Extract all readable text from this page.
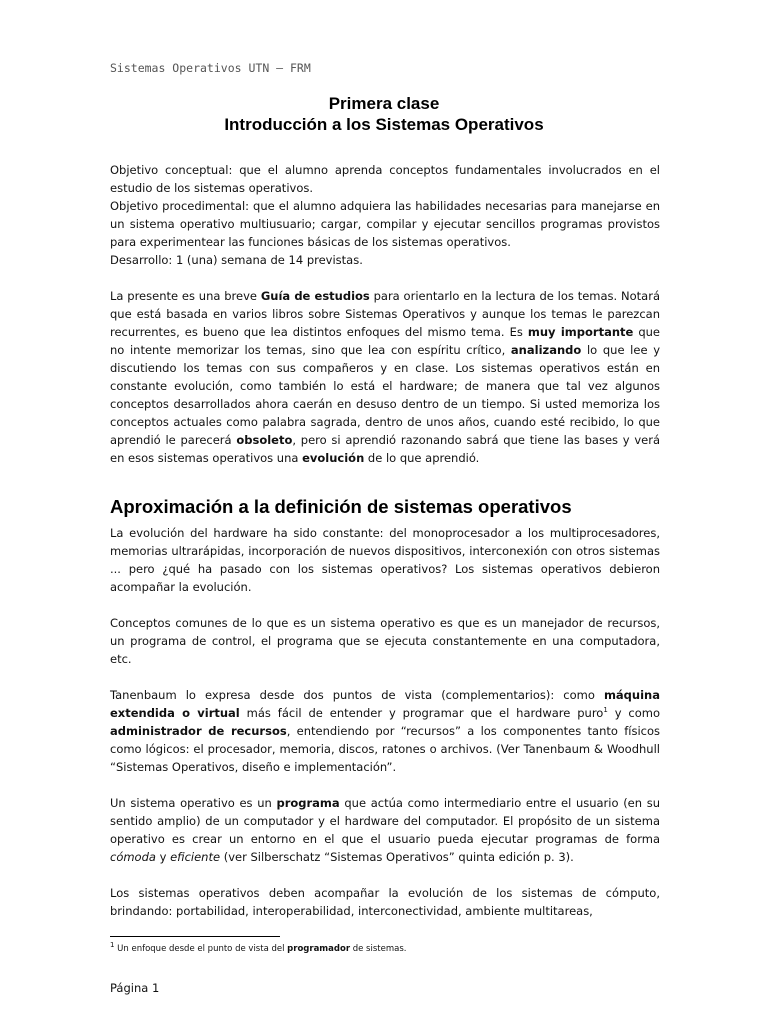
Sistemas Operativos UTN – FRM
Primera clase
Introducción a los Sistemas Operativos

Objetivo conceptual: que el alumno aprenda conceptos fundamentales involucrados en el estudio de los sistemas operativos.

Objetivo procedimental: que el alumno adquiera las habilidades necesarias para manejarse en un sistema operativo multiusuario; cargar, compilar y ejecutar sencillos programas provistos para experimentear las funciones básicas de los sistemas operativos.

Desarrollo: 1 (una) semana de 14 previstas.

La presente es una breve Guía de estudios para orientarlo en la lectura de los temas. Notará que está basada en varios libros sobre Sistemas Operativos y aunque los temas le parezcan recurrentes, es bueno que lea distintos enfoques del mismo tema. Es muy importante que no intente memorizar los temas, sino que lea con espíritu crítico, analizando lo que lee y discutiendo los temas con sus compañeros y en clase. Los sistemas operativos están en constante evolución, como también lo está el hardware; de manera que tal vez algunos conceptos desarrollados ahora caerán en desuso dentro de un tiempo. Si usted memoriza los conceptos actuales como palabra sagrada, dentro de unos años, cuando esté recibido, lo que aprendió le parecerá obsoleto, pero si aprendió razonando sabrá que tiene las bases y verá en esos sistemas operativos una evolución de lo que aprendió.

Aproximación a la definición de sistemas operativos

La evolución del hardware ha sido constante: del monoprocesador a los multiprocesadores, memorias ultrarápidas, incorporación de nuevos dispositivos, interconexión con otros sistemas ... pero ¿qué ha pasado con los sistemas operativos? Los sistemas operativos debieron acompañar la evolución.

Conceptos comunes de lo que es un sistema operativo es que es un manejador de recursos, un programa de control, el programa que se ejecuta constantemente en una computadora, etc.

Tanenbaum lo expresa desde dos puntos de vista (complementarios): como máquina extendida o virtual más fácil de entender y programar que el hardware puro$^1$ y como administrador de recursos, entendiendo por “recursos” a los componentes tanto físicos como lógicos: el procesador, memoria, discos, ratones o archivos. (Ver Tanenbaum & Woodhull “Sistemas Operativos, diseño e implementación”.

Un sistema operativo es un programa que actúa como intermediario entre el usuario (en su sentido amplio) de un computador y el hardware del computador. El propósito de un sistema operativo es crear un entorno en el que el usuario pueda ejecutar programas de forma cómoda y eficiente (ver Silberschatz “Sistemas Operativos” quinta edición p. 3).

Los sistemas operativos deben acompañar la evolución de los sistemas de cómputo, brindando: portabilidad, interoperabilidad, interconectividad, ambiente multitareas,

$^1$ Un enfoque desde el punto de vista del programador de sistemas.
Página 1
